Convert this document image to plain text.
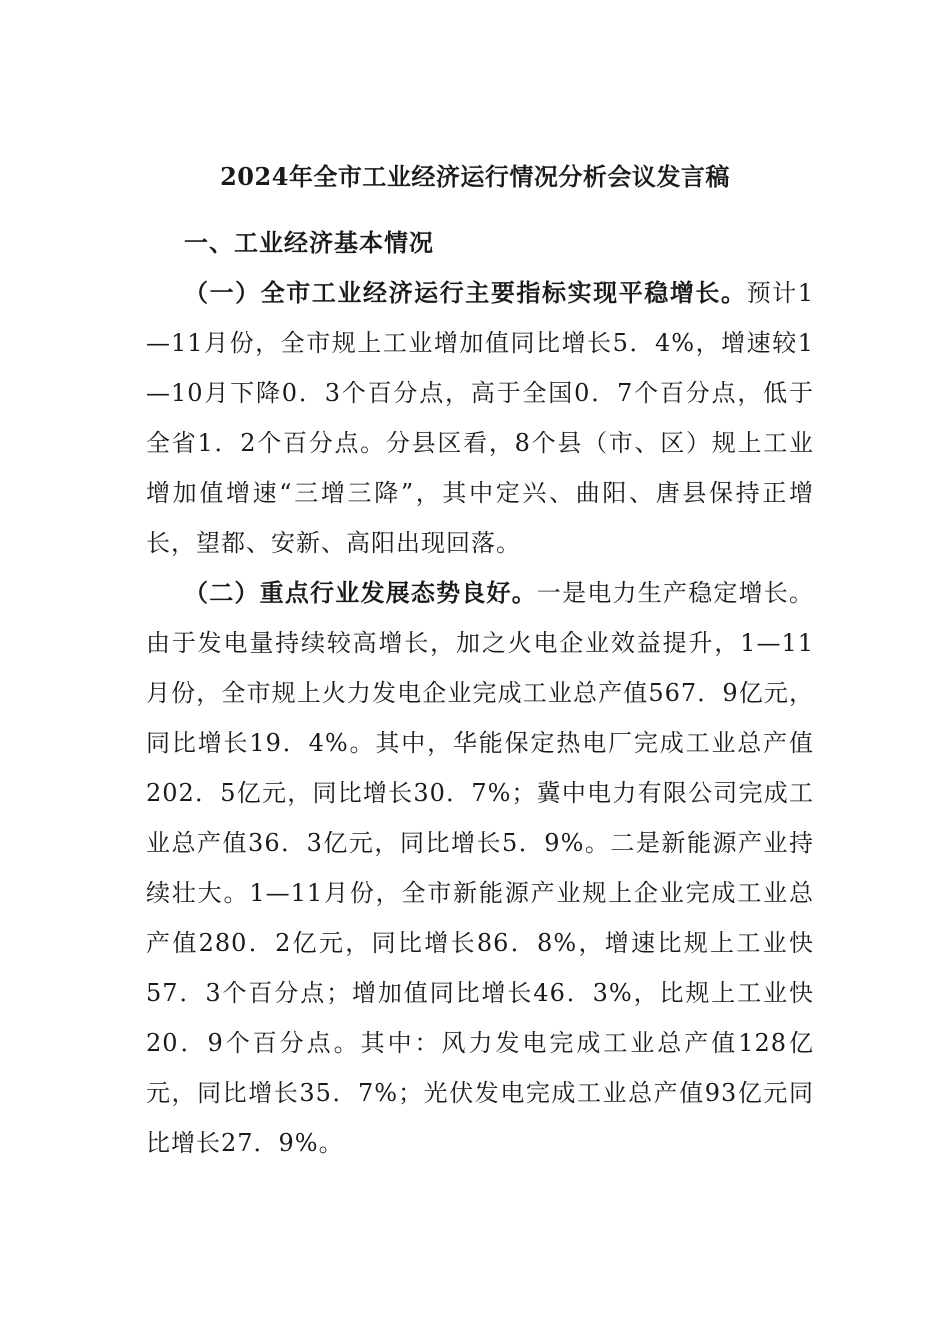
2024年全市工业经济运行情况分析会议发言稿

一、工业经济基本情况

（一）全市工业经济运行主要指标实现平稳增长。预计1—11月份，全市规上工业增加值同比增长5．4%，增速较1—10月下降0．3个百分点，高于全国0．7个百分点，低于全省1．2个百分点。分县区看，8个县（市、区）规上工业增加值增速“三增三降”，其中定兴、曲阳、唐县保持正增长，望都、安新、高阳出现回落。

（二）重点行业发展态势良好。一是电力生产稳定增长。由于发电量持续较高增长，加之火电企业效益提升，1—11月份，全市规上火力发电企业完成工业总产值567．9亿元，同比增长19．4%。其中，华能保定热电厂完成工业总产值202．5亿元，同比增长30．7%；冀中电力有限公司完成工业总产值36．3亿元，同比增长5．9%。二是新能源产业持续壮大。1—11月份，全市新能源产业规上企业完成工业总产值280．2亿元，同比增长86．8%，增速比规上工业快57．3个百分点；增加值同比增长46．3%，比规上工业快20．9个百分点。其中：风力发电完成工业总产值128亿元，同比增长35．7%；光伏发电完成工业总产值93亿元同比增长27．9%。
